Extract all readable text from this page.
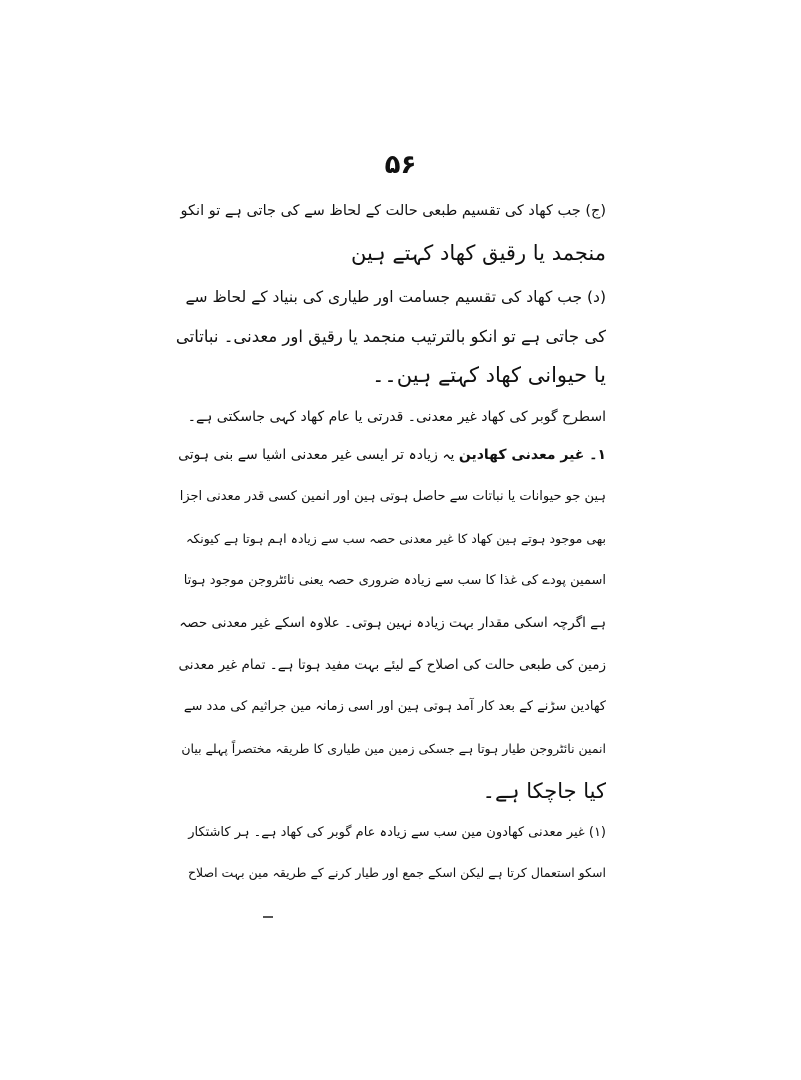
۵۶
(ج) جب کھاد کی تقسیم طبعی حالت کے لحاظ سے کی جاتی ہے تو انکو
منجمد یا رقیق کھاد کہتے ہین
(د) جب کھاد کی تقسیم جسامت اور طیاری کی بنیاد کے لحاظ سے
کی جاتی ہے تو انکو بالترتیب منجمد یا رقیق اور معدنی۔ نباتاتی
یا حیوانی کھاد کہتے ہین۔۔
اسطرح گوبر کی کھاد غیر معدنی۔ قدرتی یا عام کھاد کہی جاسکتی ہے۔
۱۔ غیر معدنی کھادین یہ زیادہ تر ایسی غیر معدنی اشیا سے بنی ہوتی
ہین جو حیوانات یا نباتات سے حاصل ہوتی ہین اور انمین کسی قدر معدنی اجزا
بھی موجود ہوتے ہین کھاد کا غیر معدنی حصہ سب سے زیادہ اہم ہوتا ہے کیونکہ
اسمین پودے کی غذا کا سب سے زیادہ ضروری حصہ یعنی نائٹروجن موجود ہوتا
ہے اگرچہ اسکی مقدار بہت زیادہ نہین ہوتی۔ علاوہ اسکے غیر معدنی حصہ
زمین کی طبعی حالت کی اصلاح کے لیئے بہت مفید ہوتا ہے۔ تمام غیر معدنی
کھادین سڑنے کے بعد کار آمد ہوتی ہین اور اسی زمانہ مین جراثیم کی مدد سے
انمین نائٹروجن طیار ہوتا ہے جسکی زمین مین طیاری کا طریقہ مختصراً پہلے بیان
کیا جاچکا ہے۔
(۱) غیر معدنی کھادون مین سب سے زیادہ عام گوبر کی کھاد ہے۔ ہر کاشتکار
اسکو استعمال کرتا ہے لیکن اسکے جمع اور طیار کرنے کے طریقہ مین بہت اصلاح
